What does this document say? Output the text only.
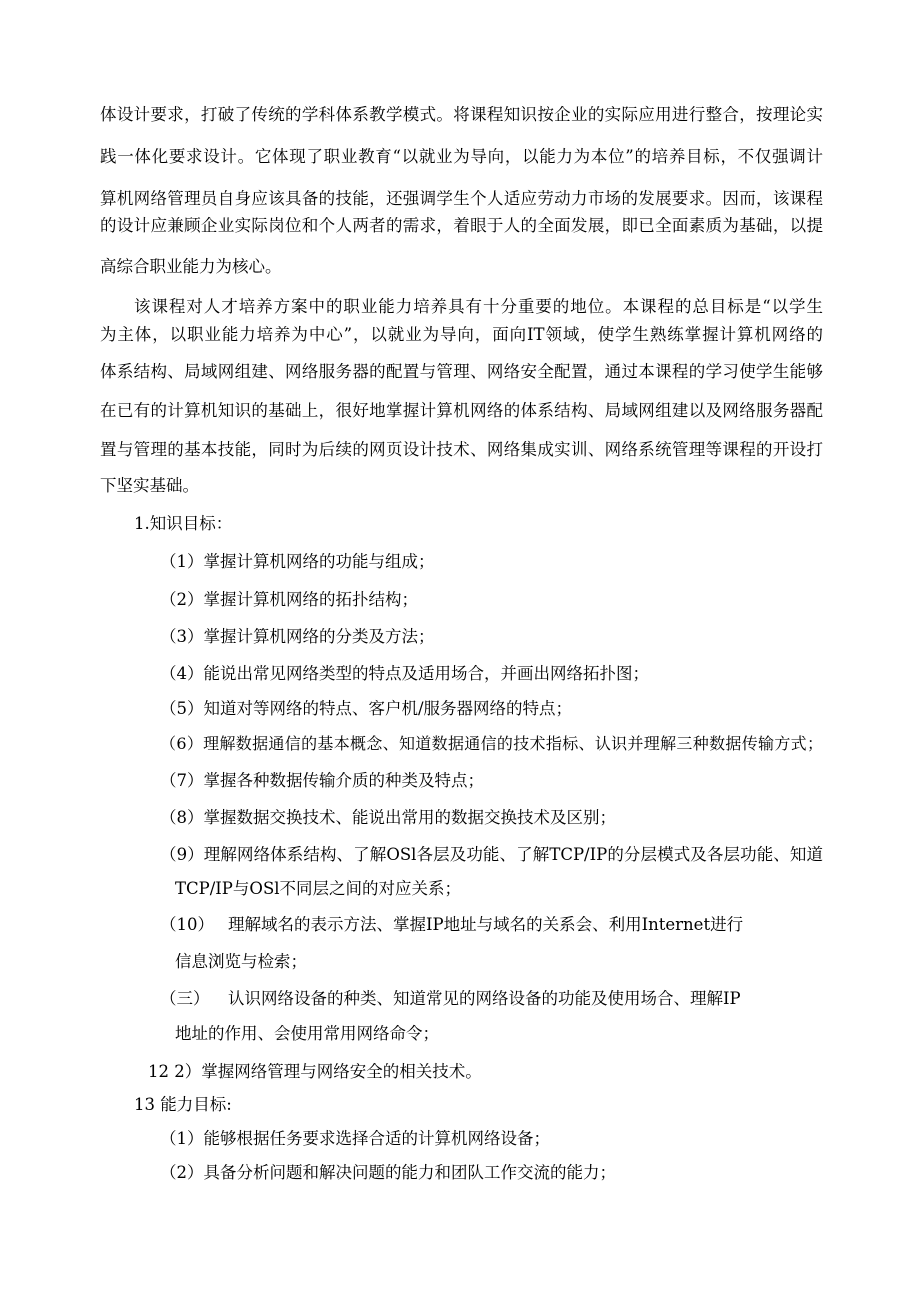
体设计要求，打破了传统的学科体系教学模式。将课程知识按企业的实际应用进行整合，按理论实
践一体化要求设计。它体现了职业教育“以就业为导向，以能力为本位”的培养目标，不仅强调计
算机网络管理员自身应该具备的技能，还强调学生个人适应劳动力市场的发展要求。因而，该课程
的设计应兼顾企业实际岗位和个人两者的需求，着眼于人的全面发展，即已全面素质为基础，以提
高综合职业能力为核心。
该课程对人才培养方案中的职业能力培养具有十分重要的地位。本课程的总目标是“以学生
为主体，以职业能力培养为中心”，以就业为导向，面向IT领域，使学生熟练掌握计算机网络的
体系结构、局域网组建、网络服务器的配置与管理、网络安全配置，通过本课程的学习使学生能够
在已有的计算机知识的基础上，很好地掌握计算机网络的体系结构、局域网组建以及网络服务器配
置与管理的基本技能，同时为后续的网页设计技术、网络集成实训、网络系统管理等课程的开设打
下坚实基础。
1.知识目标：
（1）掌握计算机网络的功能与组成；
（2）掌握计算机网络的拓扑结构；
（3）掌握计算机网络的分类及方法；
（4）能说出常见网络类型的特点及适用场合，并画出网络拓扑图；
（5）知道对等网络的特点、客户机/服务器网络的特点；
（6）理解数据通信的基本概念、知道数据通信的技术指标、认识并理解三种数据传输方式；
（7）掌握各种数据传输介质的种类及特点；
（8）掌握数据交换技术、能说出常用的数据交换技术及区别；
（9）理解网络体系结构、了解OSl各层及功能、了解TCP/IP的分层模式及各层功能、知道
TCP/IP与OSl不同层之间的对应关系；
（10） 理解域名的表示方法、掌握IP地址与域名的关系会、利用Internet进行
信息浏览与检索；
（三） 认识网络设备的种类、知道常见的网络设备的功能及使用场合、理解IP
地址的作用、会使用常用网络命令；
12 2）掌握网络管理与网络安全的相关技术。
13 能力目标:
（1）能够根据任务要求选择合适的计算机网络设备；
（2）具备分析问题和解决问题的能力和团队工作交流的能力；
